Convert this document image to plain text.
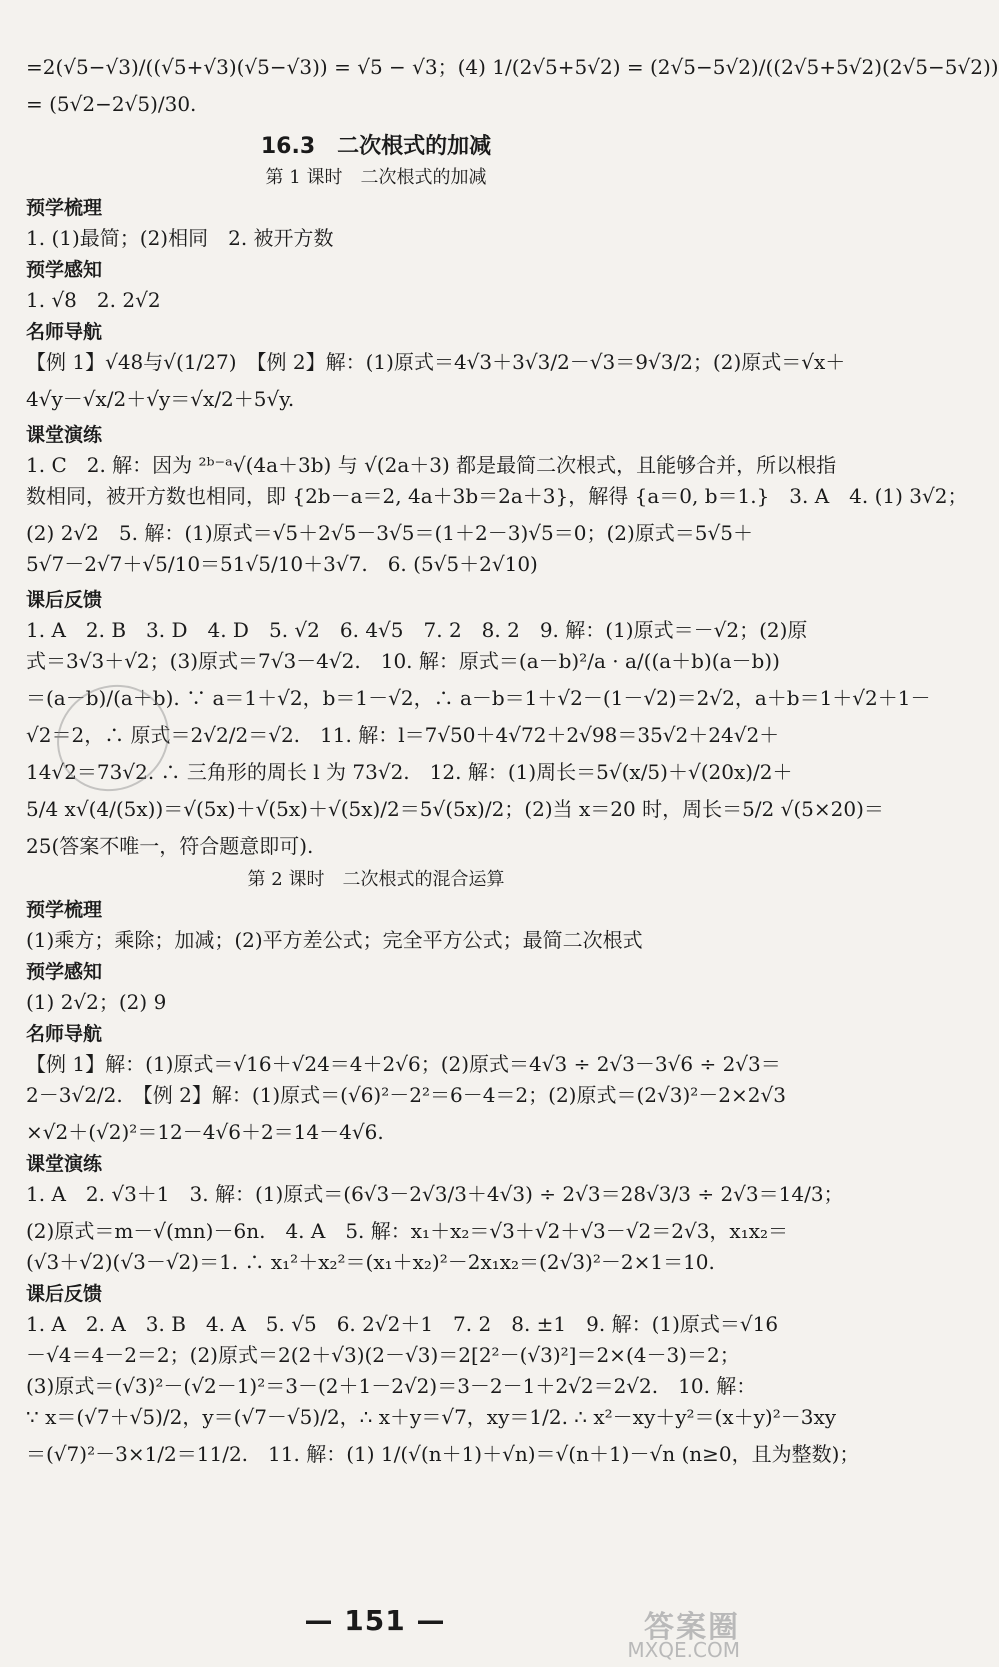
=2(√5−√3)/((√5+√3)(√5−√3)) = √5 − √3；(4) 1/(2√5+5√2) = (2√5−5√2)/((2√5+5√2)(2√5−5√2))

= (5√2−2√5)/30.

16.3　二次根式的加减
第 1 课时　二次根式的加减
预学梳理

1. (1)最简；(2)相同　2. 被开方数

预学感知

1. √8　2. 2√2

名师导航

【例 1】√48与√(1/27)　【例 2】解：(1)原式＝4√3＋3√3/2－√3＝9√3/2；(2)原式＝√x＋

4√y－√x/2＋√y＝√x/2＋5√y.

课堂演练

1. C　2. 解：因为 ²ᵇ⁻ᵃ√(4a＋3b) 与 √(2a＋3) 都是最简二次根式，且能够合并，所以根指

数相同，被开方数也相同，即 {2b－a＝2, 4a＋3b＝2a＋3}，解得 {a＝0, b＝1.}　3. A　4. (1) 3√2；

(2) 2√2　5. 解：(1)原式＝√5＋2√5－3√5＝(1＋2－3)√5＝0；(2)原式＝5√5＋

5√7－2√7＋√5/10＝51√5/10＋3√7.　6. (5√5＋2√10)

课后反馈

1. A　2. B　3. D　4. D　5. √2　6. 4√5　7. 2　8. 2　9. 解：(1)原式＝－√2；(2)原

式＝3√3＋√2；(3)原式＝7√3－4√2.　10. 解：原式＝(a－b)²/a · a/((a＋b)(a－b))

＝(a－b)/(a＋b). ∵ a＝1＋√2，b＝1－√2，∴ a－b＝1＋√2－(1－√2)＝2√2，a＋b＝1＋√2＋1－

√2＝2，∴ 原式＝2√2/2＝√2.　11. 解：l＝7√50＋4√72＋2√98＝35√2＋24√2＋

14√2＝73√2. ∴ 三角形的周长 l 为 73√2.　12. 解：(1)周长＝5√(x/5)＋√(20x)/2＋

5/4 x√(4/(5x))＝√(5x)＋√(5x)＋√(5x)/2＝5√(5x)/2；(2)当 x＝20 时，周长＝5/2 √(5×20)＝

25(答案不唯一，符合题意即可).

第 2 课时　二次根式的混合运算
预学梳理

(1)乘方；乘除；加减；(2)平方差公式；完全平方公式；最简二次根式

预学感知

(1) 2√2；(2) 9

名师导航

【例 1】解：(1)原式＝√16＋√24＝4＋2√6；(2)原式＝4√3 ÷ 2√3－3√6 ÷ 2√3＝

2－3√2/2.　【例 2】解：(1)原式＝(√6)²－2²＝6－4＝2；(2)原式＝(2√3)²－2×2√3

×√2＋(√2)²＝12－4√6＋2＝14－4√6.

课堂演练

1. A　2. √3＋1　3. 解：(1)原式＝(6√3－2√3/3＋4√3) ÷ 2√3＝28√3/3 ÷ 2√3＝14/3；

(2)原式＝m－√(mn)－6n.　4. A　5. 解：x₁＋x₂＝√3＋√2＋√3－√2＝2√3，x₁x₂＝

(√3＋√2)(√3－√2)＝1. ∴ x₁²＋x₂²＝(x₁＋x₂)²－2x₁x₂＝(2√3)²－2×1＝10.

课后反馈

1. A　2. A　3. B　4. A　5. √5　6. 2√2＋1　7. 2　8. ±1　9. 解：(1)原式＝√16

－√4＝4－2＝2；(2)原式＝2(2＋√3)(2－√3)＝2[2²－(√3)²]＝2×(4－3)＝2；

(3)原式＝(√3)²－(√2－1)²＝3－(2＋1－2√2)＝3－2－1＋2√2＝2√2.　10. 解：

∵ x＝(√7＋√5)/2，y＝(√7－√5)/2，∴ x＋y＝√7，xy＝1/2. ∴ x²－xy＋y²＝(x＋y)²－3xy

＝(√7)²－3×1/2＝11/2.　11. 解：(1) 1/(√(n＋1)＋√n)＝√(n＋1)－√n (n≥0，且为整数)；

— 151 —	答案圈
MXQE.COM
